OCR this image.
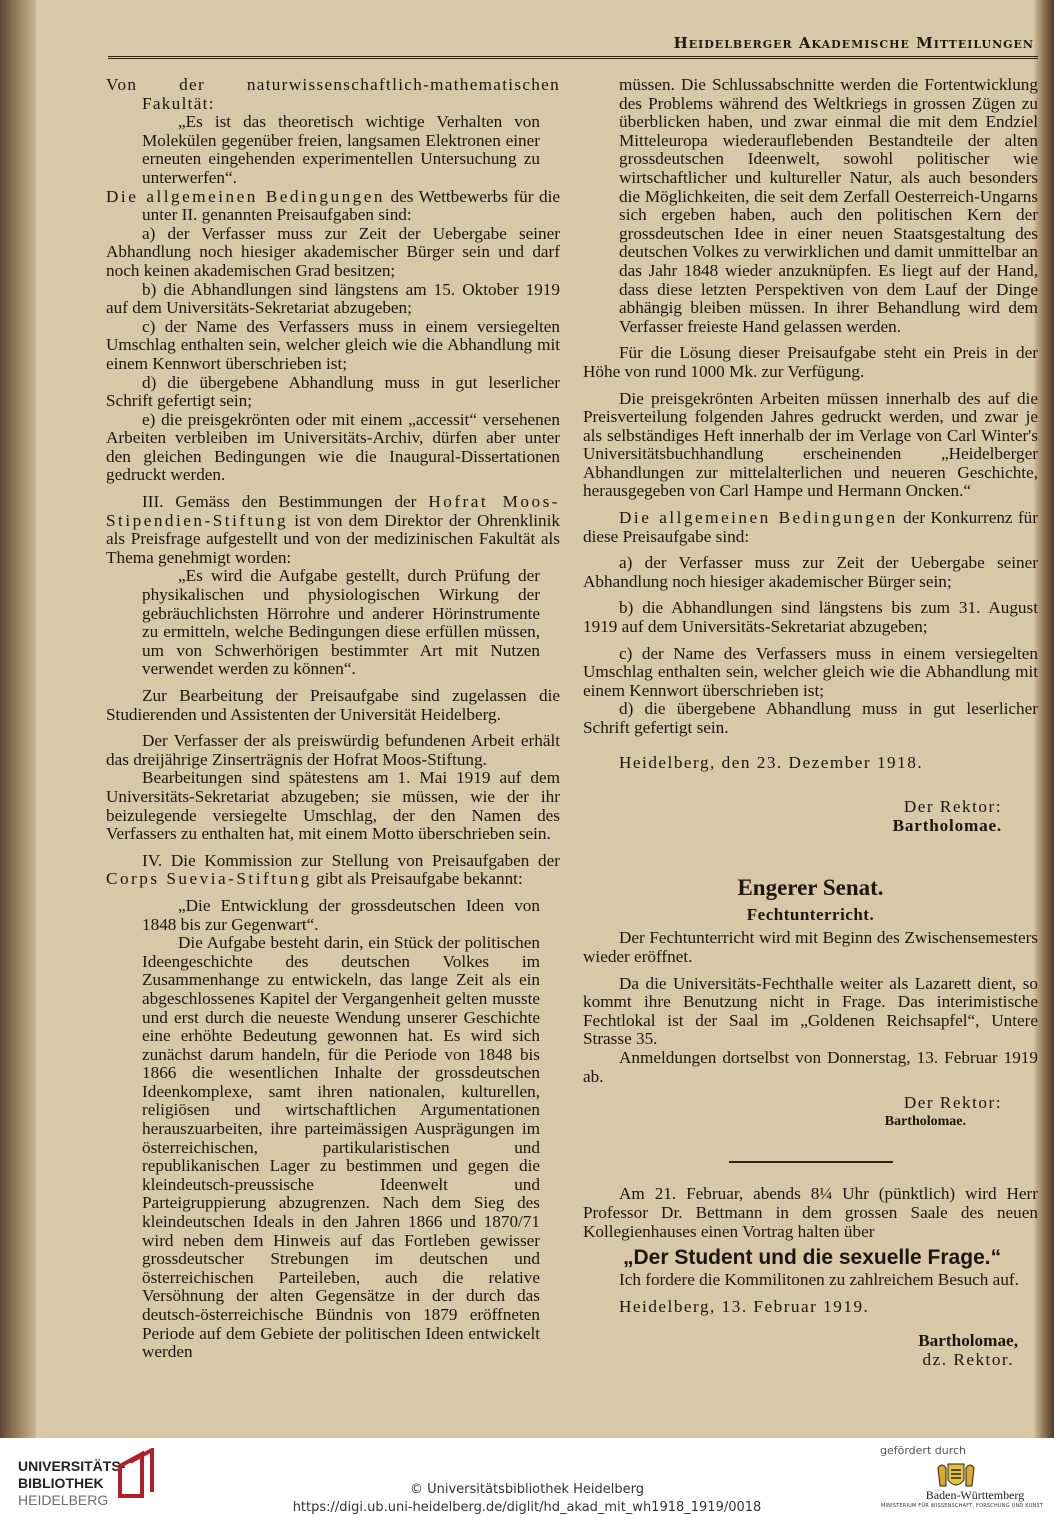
Heidelberger Akademische Mitteilungen

Von der naturwissenschaftlich-mathematischen Fakultät:

„Es ist das theoretisch wichtige Verhalten von Molekülen gegenüber freien, langsamen Elektronen einer erneuten eingehenden experimentellen Untersuchung zu unterwerfen“.

Die allgemeinen Bedingungen des Wettbewerbs für die unter II. genannten Preisaufgaben sind:

a) der Verfasser muss zur Zeit der Uebergabe seiner Abhandlung noch hiesiger akademischer Bürger sein und darf noch keinen akademischen Grad besitzen;

b) die Abhandlungen sind längstens am 15. Oktober 1919 auf dem Universitäts-Sekretariat abzugeben;

c) der Name des Verfassers muss in einem versiegelten Umschlag enthalten sein, welcher gleich wie die Abhandlung mit einem Kennwort überschrieben ist;

d) die übergebene Abhandlung muss in gut leserlicher Schrift gefertigt sein;

e) die preisgekrönten oder mit einem „accessit“ versehenen Arbeiten verbleiben im Universitäts-Archiv, dürfen aber unter den gleichen Bedingungen wie die Inaugural-Dissertationen gedruckt werden.

III. Gemäss den Bestimmungen der Hofrat Moos-Stipendien-Stiftung ist von dem Direktor der Ohrenklinik als Preisfrage aufgestellt und von der medizinischen Fakultät als Thema genehmigt worden:

„Es wird die Aufgabe gestellt, durch Prüfung der physikalischen und physiologischen Wirkung der gebräuchlichsten Hörrohre und anderer Hörinstrumente zu ermitteln, welche Bedingungen diese erfüllen müssen, um von Schwerhörigen bestimmter Art mit Nutzen verwendet werden zu können“.

Zur Bearbeitung der Preisaufgabe sind zugelassen die Studierenden und Assistenten der Universität Heidelberg.

Der Verfasser der als preiswürdig befundenen Arbeit erhält das dreijährige Zinserträgnis der Hofrat Moos-Stiftung.

Bearbeitungen sind spätestens am 1. Mai 1919 auf dem Universitäts-Sekretariat abzugeben; sie müssen, wie der ihr beizulegende versiegelte Umschlag, der den Namen des Verfassers zu enthalten hat, mit einem Motto überschrieben sein.

IV. Die Kommission zur Stellung von Preisaufgaben der Corps Suevia-Stiftung gibt als Preisaufgabe bekannt:

„Die Entwicklung der grossdeutschen Ideen von 1848 bis zur Gegenwart“.

Die Aufgabe besteht darin, ein Stück der politischen Ideengeschichte des deutschen Volkes im Zusammenhange zu entwickeln, das lange Zeit als ein abgeschlossenes Kapitel der Vergangenheit gelten musste und erst durch die neueste Wendung unserer Geschichte eine erhöhte Bedeutung gewonnen hat. Es wird sich zunächst darum handeln, für die Periode von 1848 bis 1866 die wesentlichen Inhalte der grossdeutschen Ideenkomplexe, samt ihren nationalen, kulturellen, religiösen und wirtschaftlichen Argumentationen herauszuarbeiten, ihre parteimässigen Ausprägungen im österreichischen, partikularistischen und republikanischen Lager zu bestimmen und gegen die kleindeutsch-preussische Ideenwelt und Parteigruppierung abzugrenzen. Nach dem Sieg des kleindeutschen Ideals in den Jahren 1866 und 1870/71 wird neben dem Hinweis auf das Fortleben gewisser grossdeutscher Strebungen im deutschen und österreichischen Parteileben, auch die relative Versöhnung der alten Gegensätze in der durch das deutsch-österreichische Bündnis von 1879 eröffneten Periode auf dem Gebiete der politischen Ideen entwickelt werden

müssen. Die Schlussabschnitte werden die Fortentwicklung des Problems während des Weltkriegs in grossen Zügen zu überblicken haben, und zwar einmal die mit dem Endziel Mitteleuropa wiederauflebenden Bestandteile der alten grossdeutschen Ideenwelt, sowohl politischer wie wirtschaftlicher und kultureller Natur, als auch besonders die Möglichkeiten, die seit dem Zerfall Oesterreich-Ungarns sich ergeben haben, auch den politischen Kern der grossdeutschen Idee in einer neuen Staatsgestaltung des deutschen Volkes zu verwirklichen und damit unmittelbar an das Jahr 1848 wieder anzuknüpfen. Es liegt auf der Hand, dass diese letzten Perspektiven von dem Lauf der Dinge abhängig bleiben müssen. In ihrer Behandlung wird dem Verfasser freieste Hand gelassen werden.

Für die Lösung dieser Preisaufgabe steht ein Preis in der Höhe von rund 1000 Mk. zur Verfügung.

Die preisgekrönten Arbeiten müssen innerhalb des auf die Preisverteilung folgenden Jahres gedruckt werden, und zwar je als selbständiges Heft innerhalb der im Verlage von Carl Winter's Universitätsbuchhandlung erscheinenden „Heidelberger Abhandlungen zur mittelalterlichen und neueren Geschichte, herausgegeben von Carl Hampe und Hermann Oncken.“

Die allgemeinen Bedingungen der Konkurrenz für diese Preisaufgabe sind:

a) der Verfasser muss zur Zeit der Uebergabe seiner Abhandlung noch hiesiger akademischer Bürger sein;

b) die Abhandlungen sind längstens bis zum 31. August 1919 auf dem Universitäts-Sekretariat abzugeben;

c) der Name des Verfassers muss in einem versiegelten Umschlag enthalten sein, welcher gleich wie die Abhandlung mit einem Kennwort überschrieben ist;

d) die übergebene Abhandlung muss in gut leserlicher Schrift gefertigt sein.

Heidelberg, den 23. Dezember 1918.

Der Rektor:

Bartholomae.

Engerer Senat.
Fechtunterricht.

Der Fechtunterricht wird mit Beginn des Zwischensemesters wieder eröffnet.

Da die Universitäts-Fechthalle weiter als Lazarett dient, so kommt ihre Benutzung nicht in Frage. Das interimistische Fechtlokal ist der Saal im „Goldenen Reichsapfel“, Untere Strasse 35.

Anmeldungen dortselbst von Donnerstag, 13. Februar 1919 ab.

Der Rektor:

Bartholomae.

Am 21. Februar, abends 8¼ Uhr (pünktlich) wird Herr Professor Dr. Bettmann in dem grossen Saale des neuen Kollegienhauses einen Vortrag halten über

„Der Student und die sexuelle Frage.“

Ich fordere die Kommilitonen zu zahlreichem Besuch auf.

Heidelberg, 13. Februar 1919.

Bartholomae,

dz. Rektor.

UNIVERSITÄTS-
BIBLIOTHEK
HEIDELBERG
© Universitätsbibliothek Heidelberg
https://digi.ub.uni-heidelberg.de/diglit/hd_akad_mit_wh1918_1919/0018
gefördert durch
Baden-Württemberg
MINISTERIUM FÜR WISSENSCHAFT, FORSCHUNG UND KUNST
